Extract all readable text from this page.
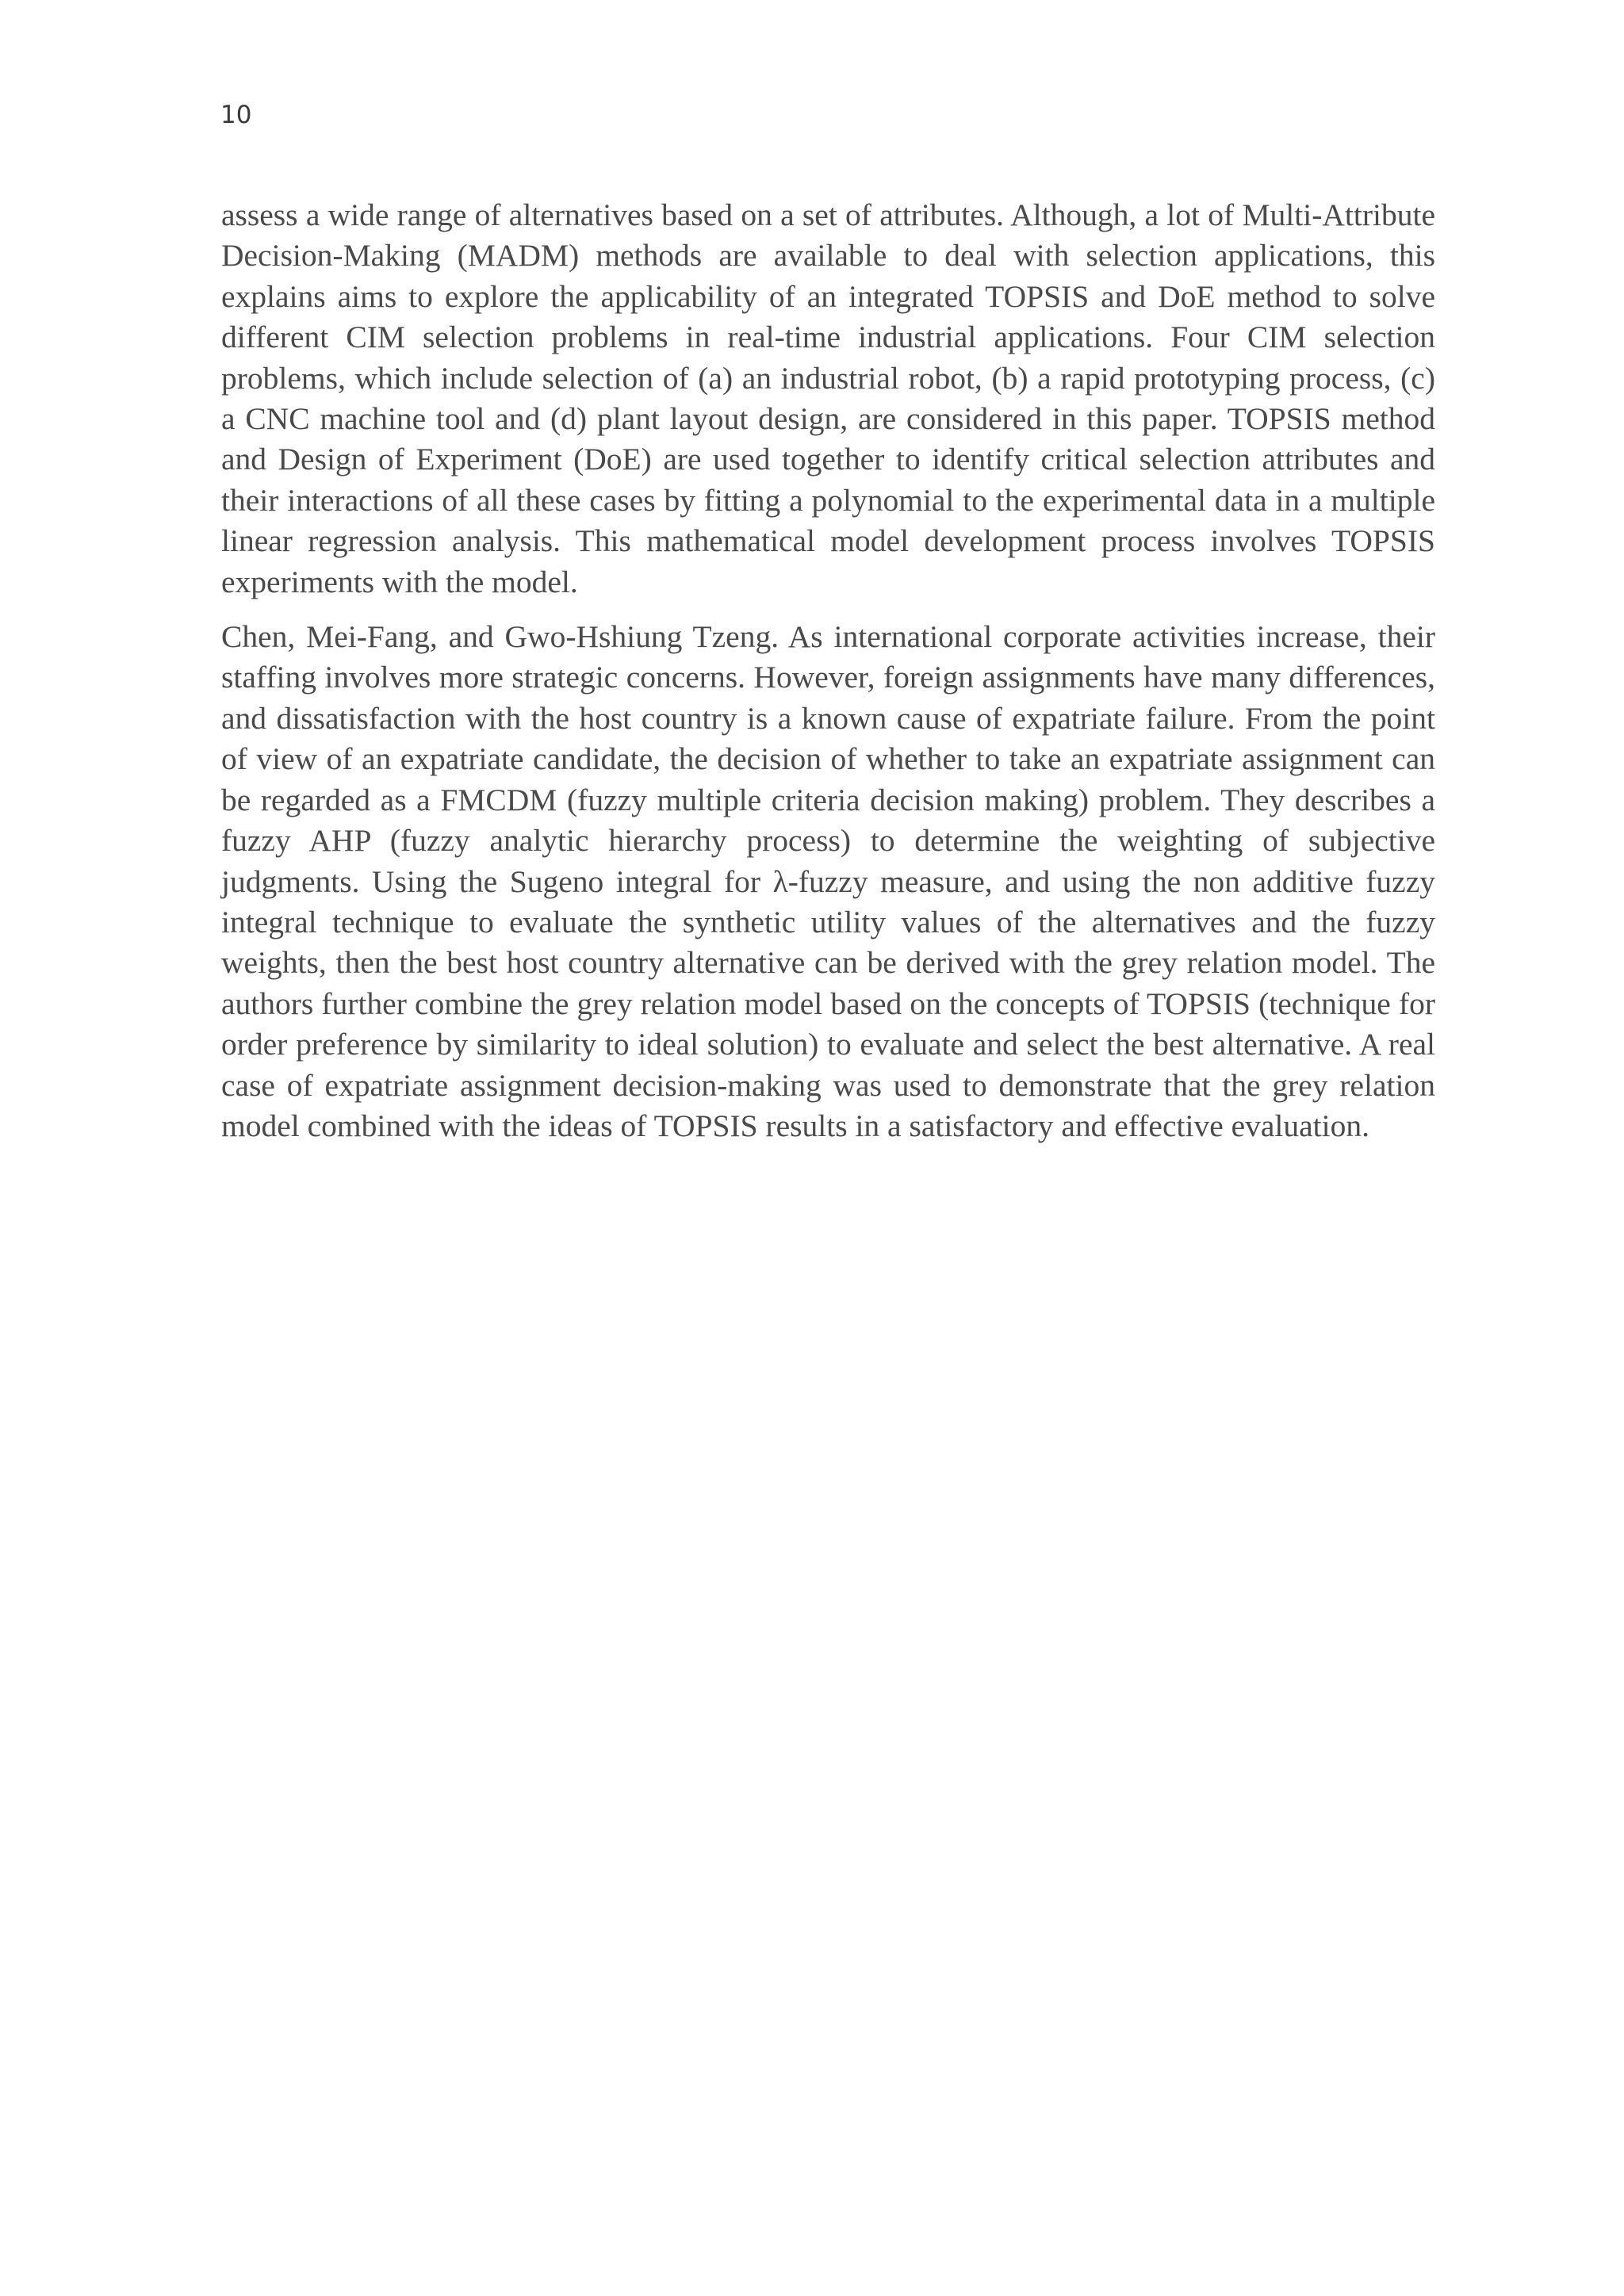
10

assess a wide range of alternatives based on a set of attributes. Although, a lot of Multi-Attribute Decision-Making (MADM) methods are available to deal with selection applications, this explains aims to explore the applicability of an integrated TOPSIS and DoE method to solve different CIM selection problems in real-time industrial applications. Four CIM selection problems, which include selection of (a) an industrial robot, (b) a rapid prototyping process, (c) a CNC machine tool and (d) plant layout design, are considered in this paper. TOPSIS method and Design of Experiment (DoE) are used together to identify critical selection attributes and their interactions of all these cases by fitting a polynomial to the experimental data in a multiple linear regression analysis. This mathematical model development process involves TOPSIS experiments with the model.

Chen, Mei-Fang, and Gwo-Hshiung Tzeng. As international corporate activities increase, their staffing involves more strategic concerns. However, foreign assignments have many differences, and dissatisfaction with the host country is a known cause of expatriate failure. From the point of view of an expatriate candidate, the decision of whether to take an expatriate assignment can be regarded as a FMCDM (fuzzy multiple criteria decision making) problem. They describes a fuzzy AHP (fuzzy analytic hierarchy process) to determine the weighting of subjective judgments. Using the Sugeno integral for λ-fuzzy measure, and using the non additive fuzzy integral technique to evaluate the synthetic utility values of the alternatives and the fuzzy weights, then the best host country alternative can be derived with the grey relation model. The authors further combine the grey relation model based on the concepts of TOPSIS (technique for order preference by similarity to ideal solution) to evaluate and select the best alternative. A real case of expatriate assignment decision-making was used to demonstrate that the grey relation model combined with the ideas of TOPSIS results in a satisfactory and effective evaluation.
